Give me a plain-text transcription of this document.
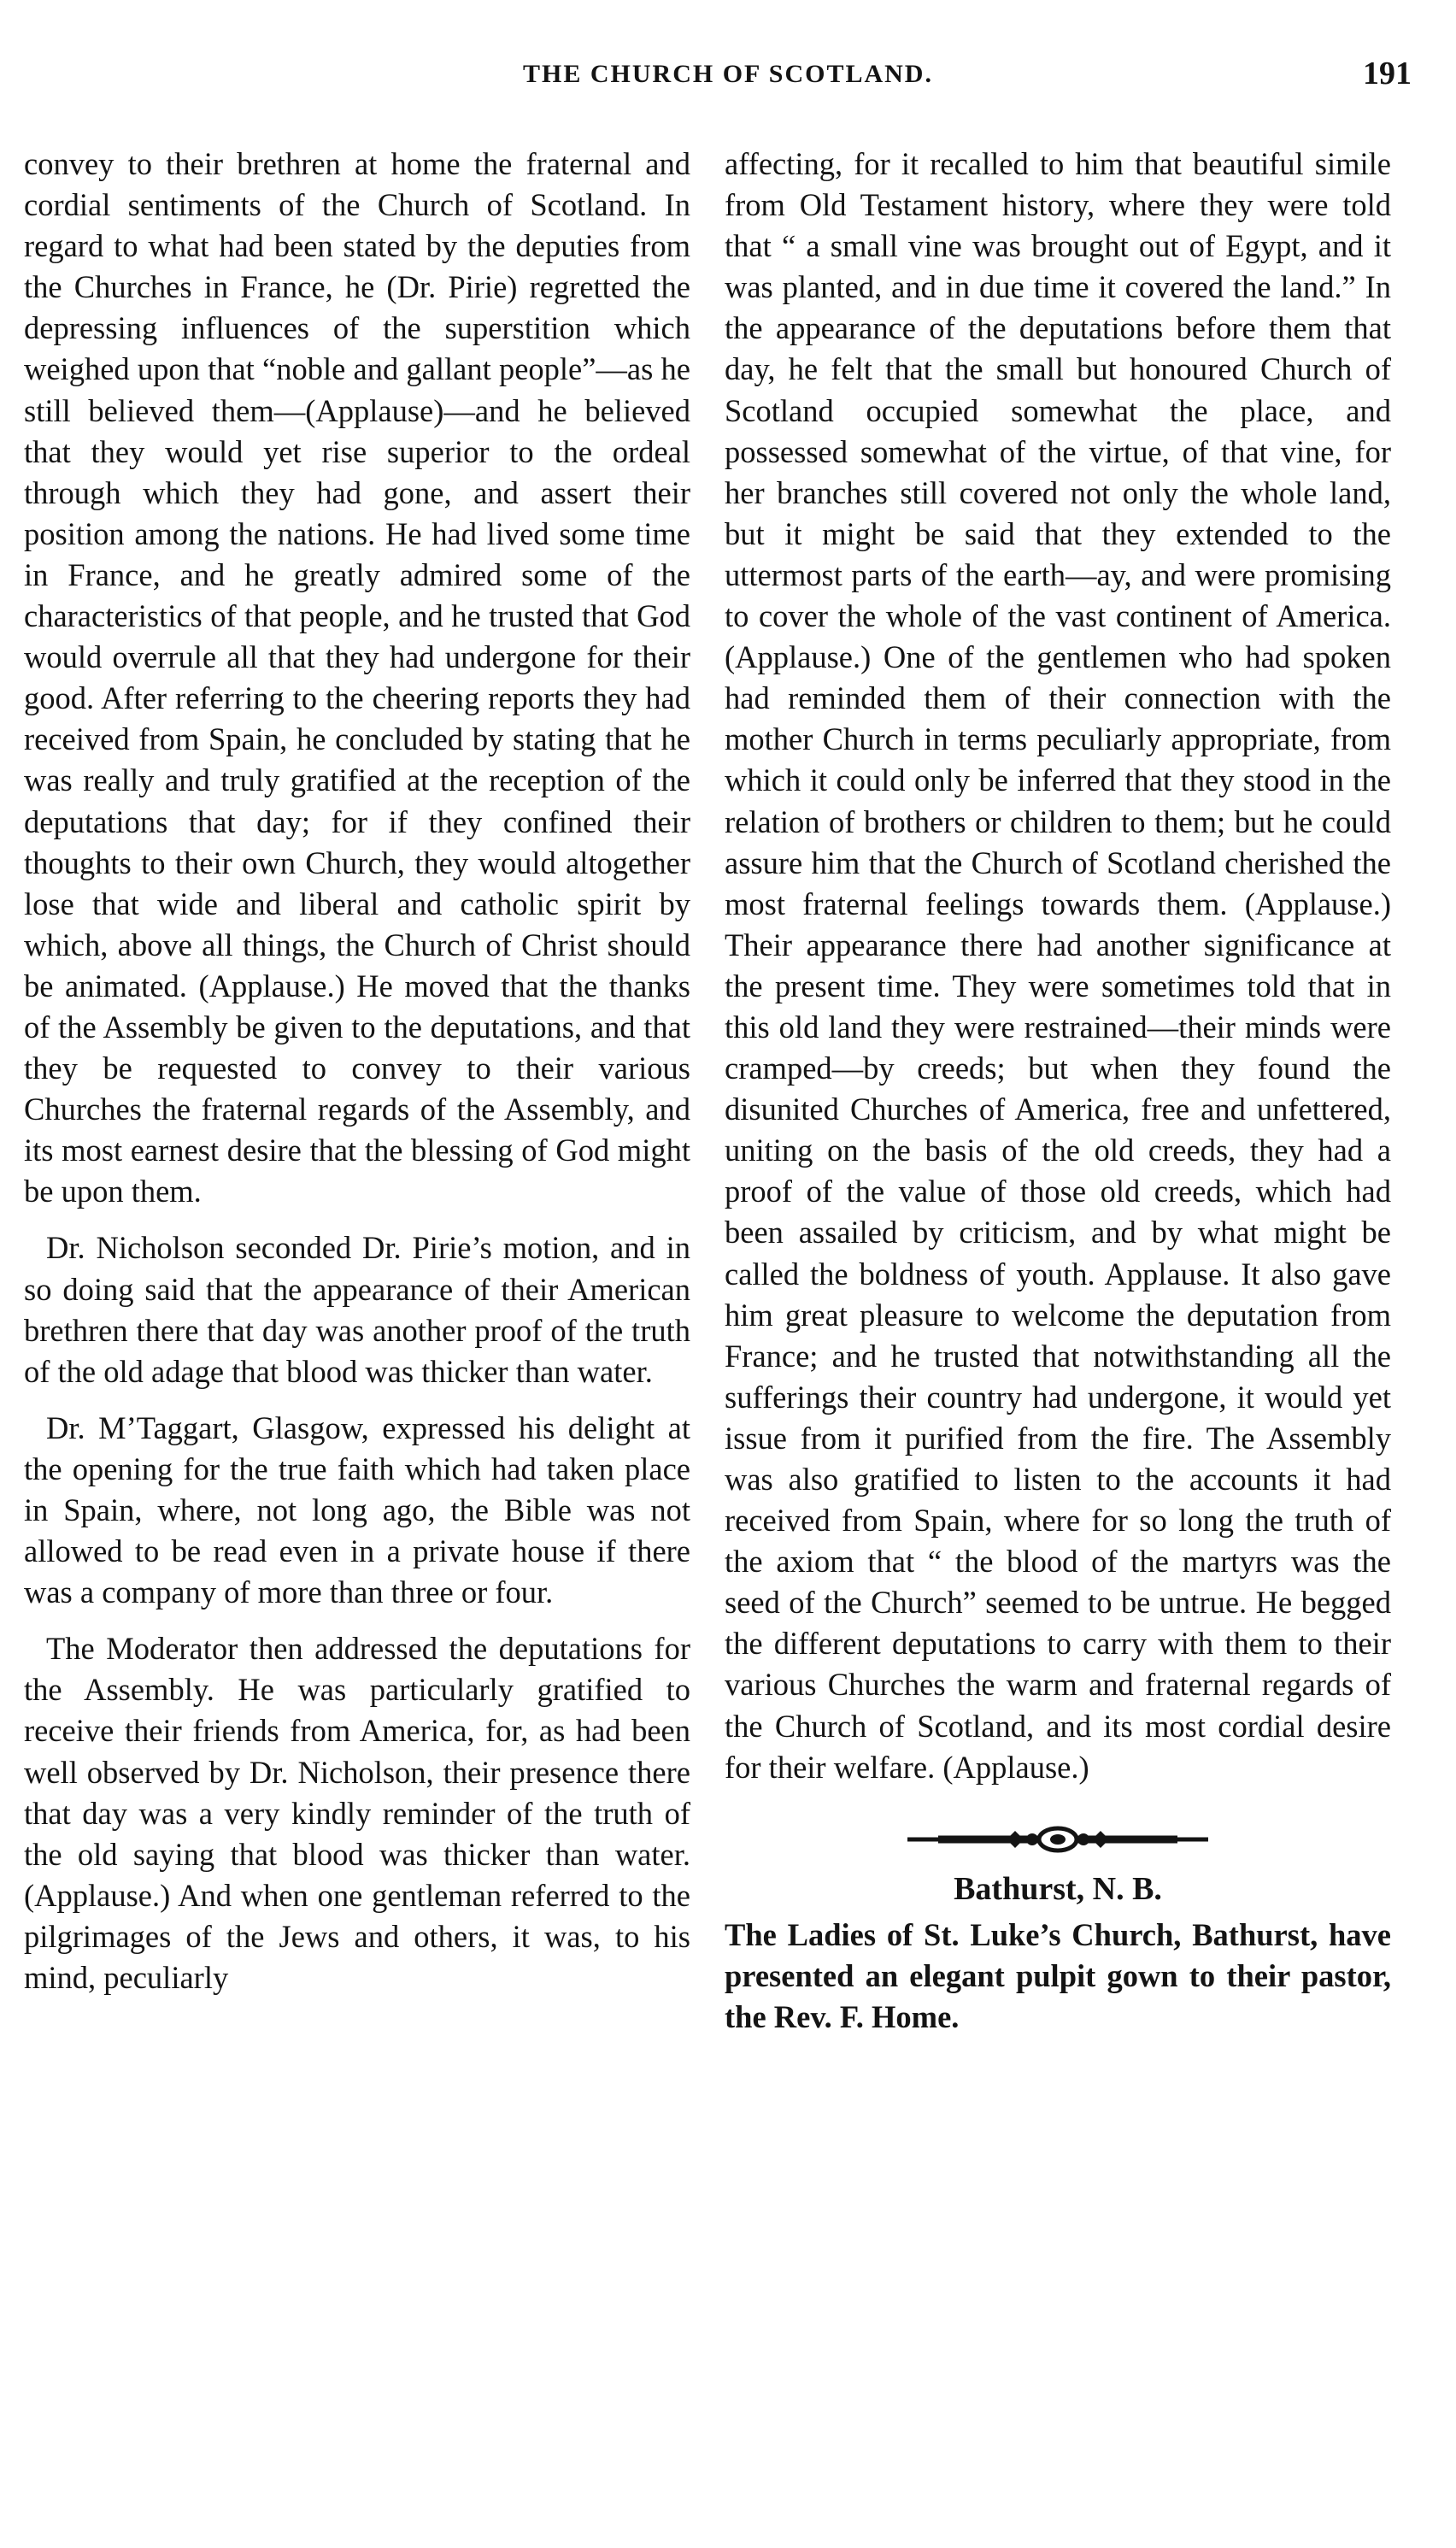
THE CHURCH OF SCOTLAND.	191

convey to their brethren at home the fraternal and cordial sentiments of the Church of Scotland. In regard to what had been stated by the deputies from the Churches in France, he (Dr. Pirie) regretted the depressing influences of the superstition which weighed upon that “noble and gallant people”—as he still believed them—(Applause)—and he believed that they would yet rise superior to the ordeal through which they had gone, and assert their position among the nations. He had lived some time in France, and he greatly admired some of the characteristics of that people, and he trusted that God would overrule all that they had undergone for their good. After referring to the cheering reports they had received from Spain, he concluded by stating that he was really and truly gratified at the reception of the deputations that day; for if they confined their thoughts to their own Church, they would altogether lose that wide and liberal and catholic spirit by which, above all things, the Church of Christ should be animated. (Applause.) He moved that the thanks of the Assembly be given to the deputations, and that they be requested to convey to their various Churches the fraternal regards of the Assembly, and its most earnest desire that the blessing of God might be upon them.

Dr. Nicholson seconded Dr. Pirie’s motion, and in so doing said that the appearance of their American brethren there that day was another proof of the truth of the old adage that blood was thicker than water.

Dr. M’Taggart, Glasgow, expressed his delight at the opening for the true faith which had taken place in Spain, where, not long ago, the Bible was not allowed to be read even in a private house if there was a company of more than three or four.

The Moderator then addressed the deputations for the Assembly. He was particularly gratified to receive their friends from America, for, as had been well observed by Dr. Nicholson, their presence there that day was a very kindly reminder of the truth of the old saying that blood was thicker than water. (Applause.) And when one gentleman referred to the pilgrimages of the Jews and others, it was, to his mind, peculiarly

affecting, for it recalled to him that beautiful simile from Old Testament history, where they were told that “ a small vine was brought out of Egypt, and it was planted, and in due time it covered the land.” In the appearance of the deputations before them that day, he felt that the small but honoured Church of Scotland occupied somewhat the place, and possessed somewhat of the virtue, of that vine, for her branches still covered not only the whole land, but it might be said that they extended to the uttermost parts of the earth—ay, and were promising to cover the whole of the vast continent of America. (Applause.) One of the gentlemen who had spoken had reminded them of their connection with the mother Church in terms peculiarly appropriate, from which it could only be inferred that they stood in the relation of brothers or children to them; but he could assure him that the Church of Scotland cherished the most fraternal feelings towards them. (Applause.) Their appearance there had another significance at the present time. They were sometimes told that in this old land they were restrained—their minds were cramped—by creeds; but when they found the disunited Churches of America, free and unfettered, uniting on the basis of the old creeds, they had a proof of the value of those old creeds, which had been assailed by criticism, and by what might be called the boldness of youth. Applause. It also gave him great pleasure to welcome the deputation from France; and he trusted that notwithstanding all the sufferings their country had undergone, it would yet issue from it purified from the fire. The Assembly was also gratified to listen to the accounts it had received from Spain, where for so long the truth of the axiom that “ the blood of the martyrs was the seed of the Church” seemed to be untrue. He begged the different deputations to carry with them to their various Churches the warm and fraternal regards of the Church of Scotland, and its most cordial desire for their welfare. (Applause.)

Bathurst, N. B.

The Ladies of St. Luke’s Church, Bathurst, have presented an elegant pulpit gown to their pastor, the Rev. F. Home.
